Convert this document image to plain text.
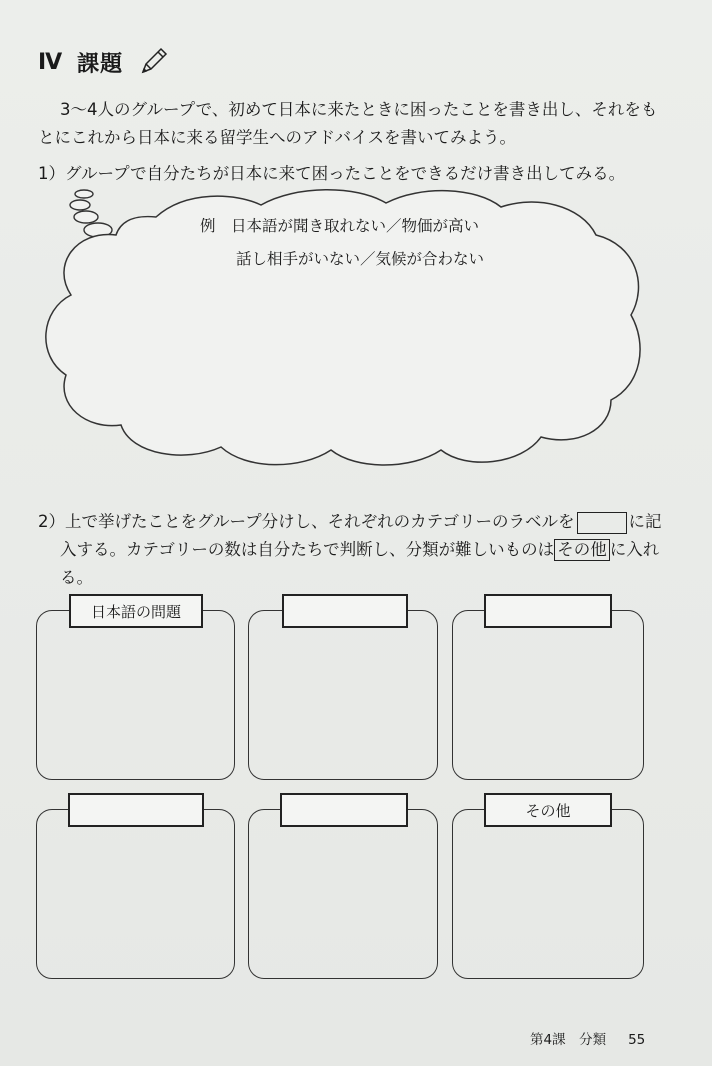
Ⅳ 課題
3～4人のグループで、初めて日本に来たときに困ったことを書き出し、それをも
とにこれから日本に来る留学生へのアドバイスを書いてみよう。
1）グループで自分たちが日本に来て困ったことをできるだけ書き出してみる。
例　日本語が聞き取れない／物価が高い
話し相手がいない／気候が合わない
2）上で挙げたことをグループ分けし、それぞれのカテゴリーのラベルを	に記
入する。カテゴリーの数は自分たちで判断し、分類が難しいものは その他 に入れ
る。
日本語の問題
その他
第4課　分類 55
